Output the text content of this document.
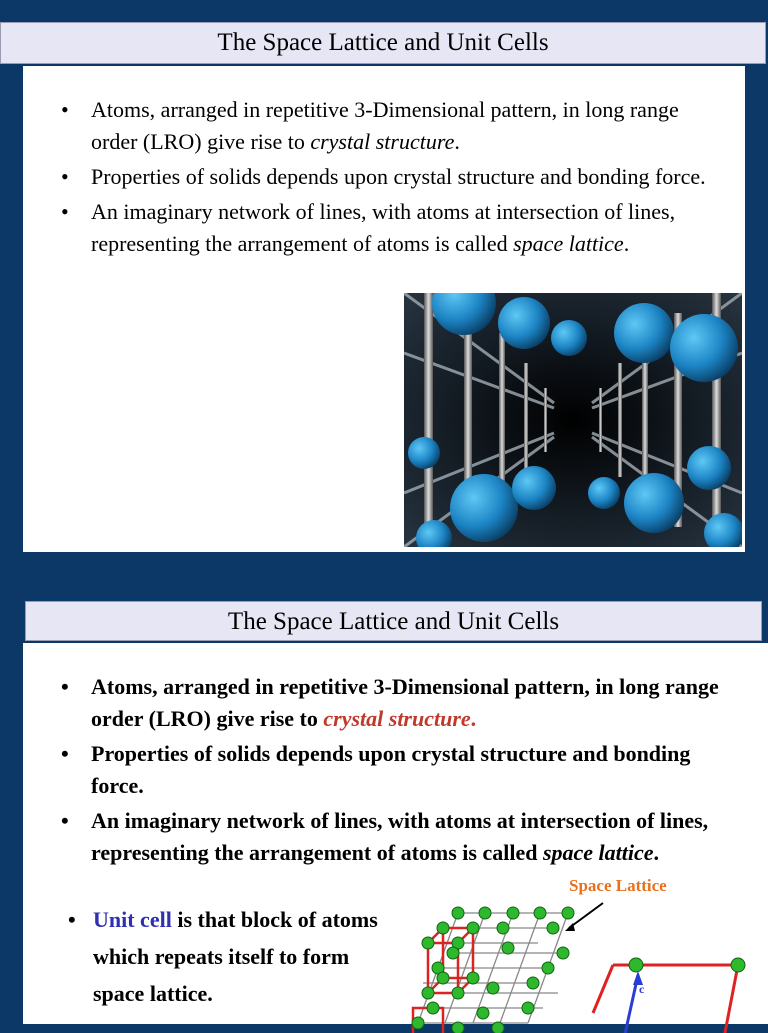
The Space Lattice and Unit Cells
• Atoms, arranged in repetitive 3-Dimensional pattern, in long range order (LRO) give rise to crystal structure.
• Properties of solids depends upon crystal structure and bonding force.
• An imaginary network of lines, with atoms at intersection of lines, representing the arrangement of atoms is called space lattice.
The Space Lattice and Unit Cells
• Atoms, arranged in repetitive 3-Dimensional pattern, in long range order (LRO) give rise to crystal structure.
• Properties of solids depends upon crystal structure and bonding force.
• An imaginary network of lines, with atoms at intersection of lines, representing the arrangement of atoms is called space lattice.
• Unit cell is that block of atoms which repeats itself to form space lattice.
Space Lattice
c
